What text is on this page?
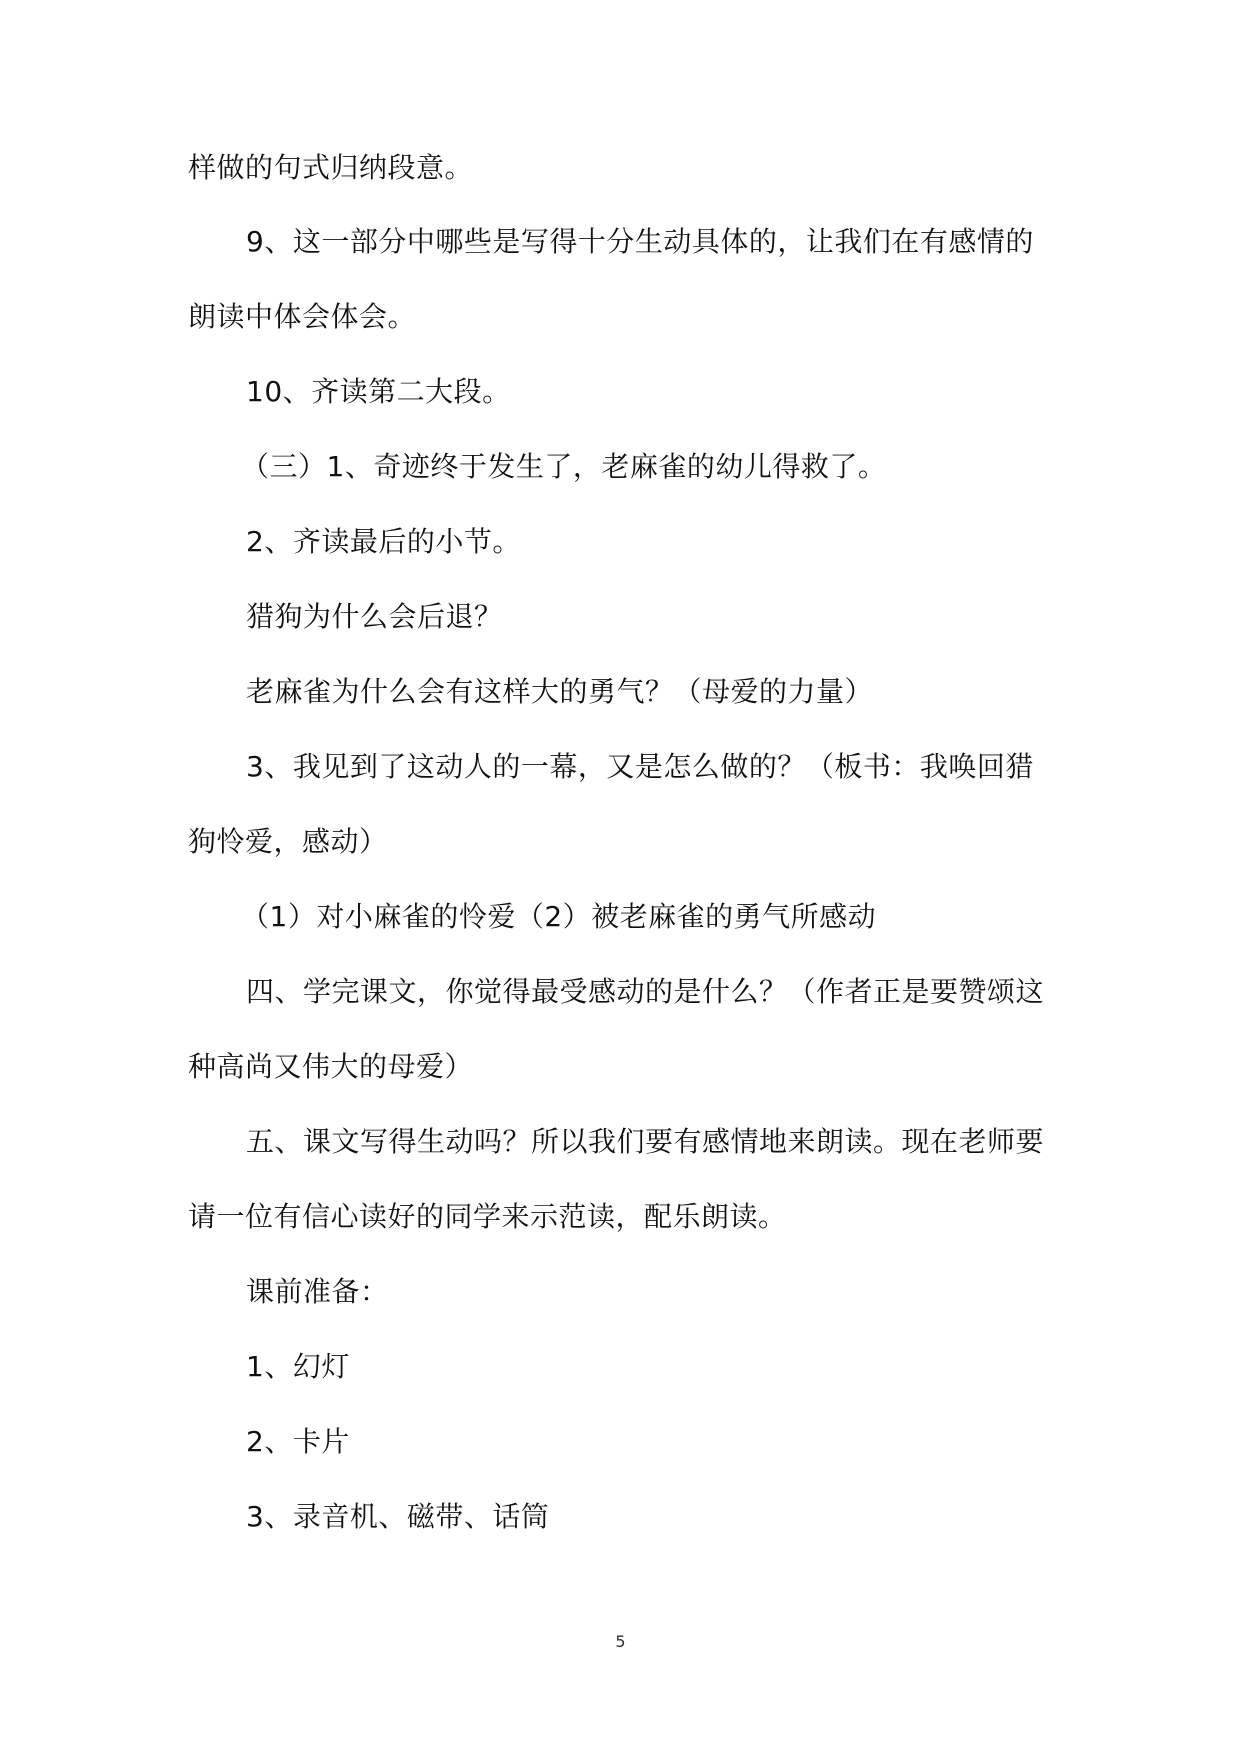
样做的句式归纳段意。
9、这一部分中哪些是写得十分生动具体的，让我们在有感情的
朗读中体会体会。
10、齐读第二大段。
（三）1、奇迹终于发生了，老麻雀的幼儿得救了。
2、齐读最后的小节。
猎狗为什么会后退？
老麻雀为什么会有这样大的勇气？（母爱的力量）
3、我见到了这动人的一幕，又是怎么做的？（板书：我唤回猎
狗怜爱，感动）
（1）对小麻雀的怜爱（2）被老麻雀的勇气所感动
四、学完课文，你觉得最受感动的是什么？（作者正是要赞颂这
种高尚又伟大的母爱）
五、课文写得生动吗？所以我们要有感情地来朗读。现在老师要
请一位有信心读好的同学来示范读，配乐朗读。
课前准备：
1、幻灯
2、卡片
3、录音机、磁带、话筒
5
